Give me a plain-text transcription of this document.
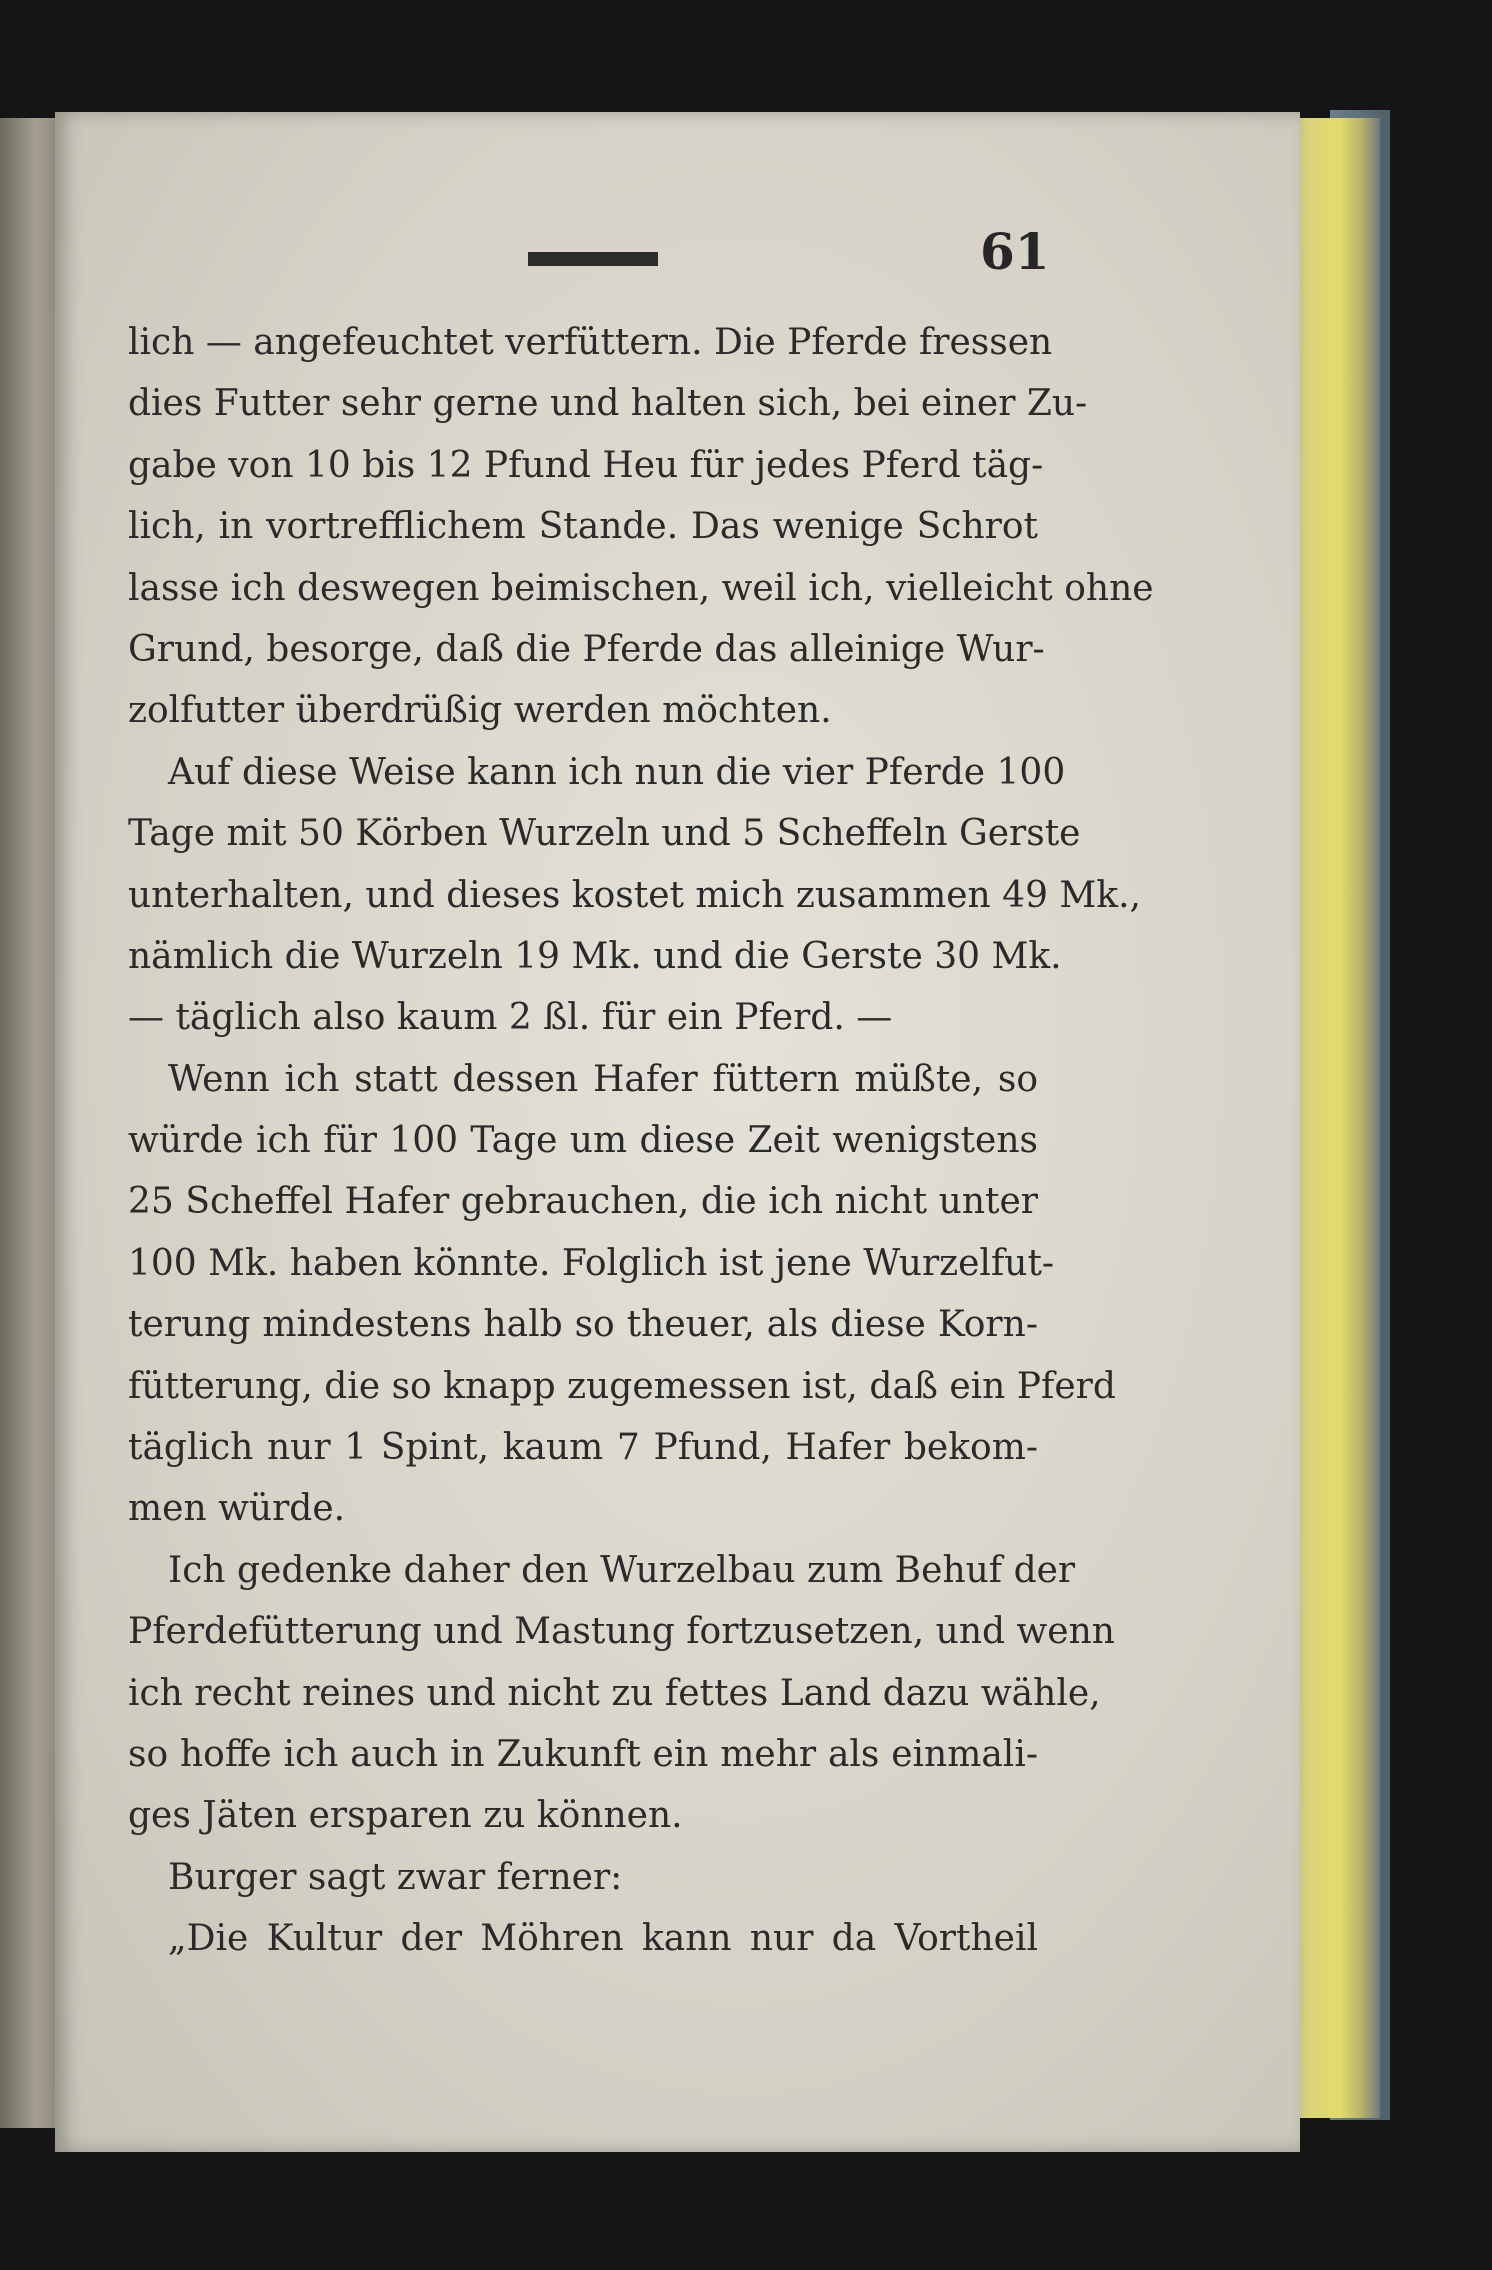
61
lich — angefeuchtet verfüttern. Die Pferde fressen
dies Futter sehr gerne und halten sich, bei einer Zu-
gabe von 10 bis 12 Pfund Heu für jedes Pferd täg-
lich, in vortrefflichem Stande. Das wenige Schrot
lasse ich deswegen beimischen, weil ich, vielleicht ohne
Grund, besorge, daß die Pferde das alleinige Wur-
zolfutter überdrüßig werden möchten.
Auf diese Weise kann ich nun die vier Pferde 100
Tage mit 50 Körben Wurzeln und 5 Scheffeln Gerste
unterhalten, und dieses kostet mich zusammen 49 Mk.,
nämlich die Wurzeln 19 Mk. und die Gerste 30 Mk.
— täglich also kaum 2 ßl. für ein Pferd. —
Wenn ich statt dessen Hafer füttern müßte, so
würde ich für 100 Tage um diese Zeit wenigstens
25 Scheffel Hafer gebrauchen, die ich nicht unter
100 Mk. haben könnte. Folglich ist jene Wurzelfut-
terung mindestens halb so theuer, als diese Korn-
fütterung, die so knapp zugemessen ist, daß ein Pferd
täglich nur 1 Spint, kaum 7 Pfund, Hafer bekom-
men würde.
Ich gedenke daher den Wurzelbau zum Behuf der
Pferdefütterung und Mastung fortzusetzen, und wenn
ich recht reines und nicht zu fettes Land dazu wähle,
so hoffe ich auch in Zukunft ein mehr als einmali-
ges Jäten ersparen zu können.
Burger sagt zwar ferner:
„Die Kultur der Möhren kann nur da Vortheil
